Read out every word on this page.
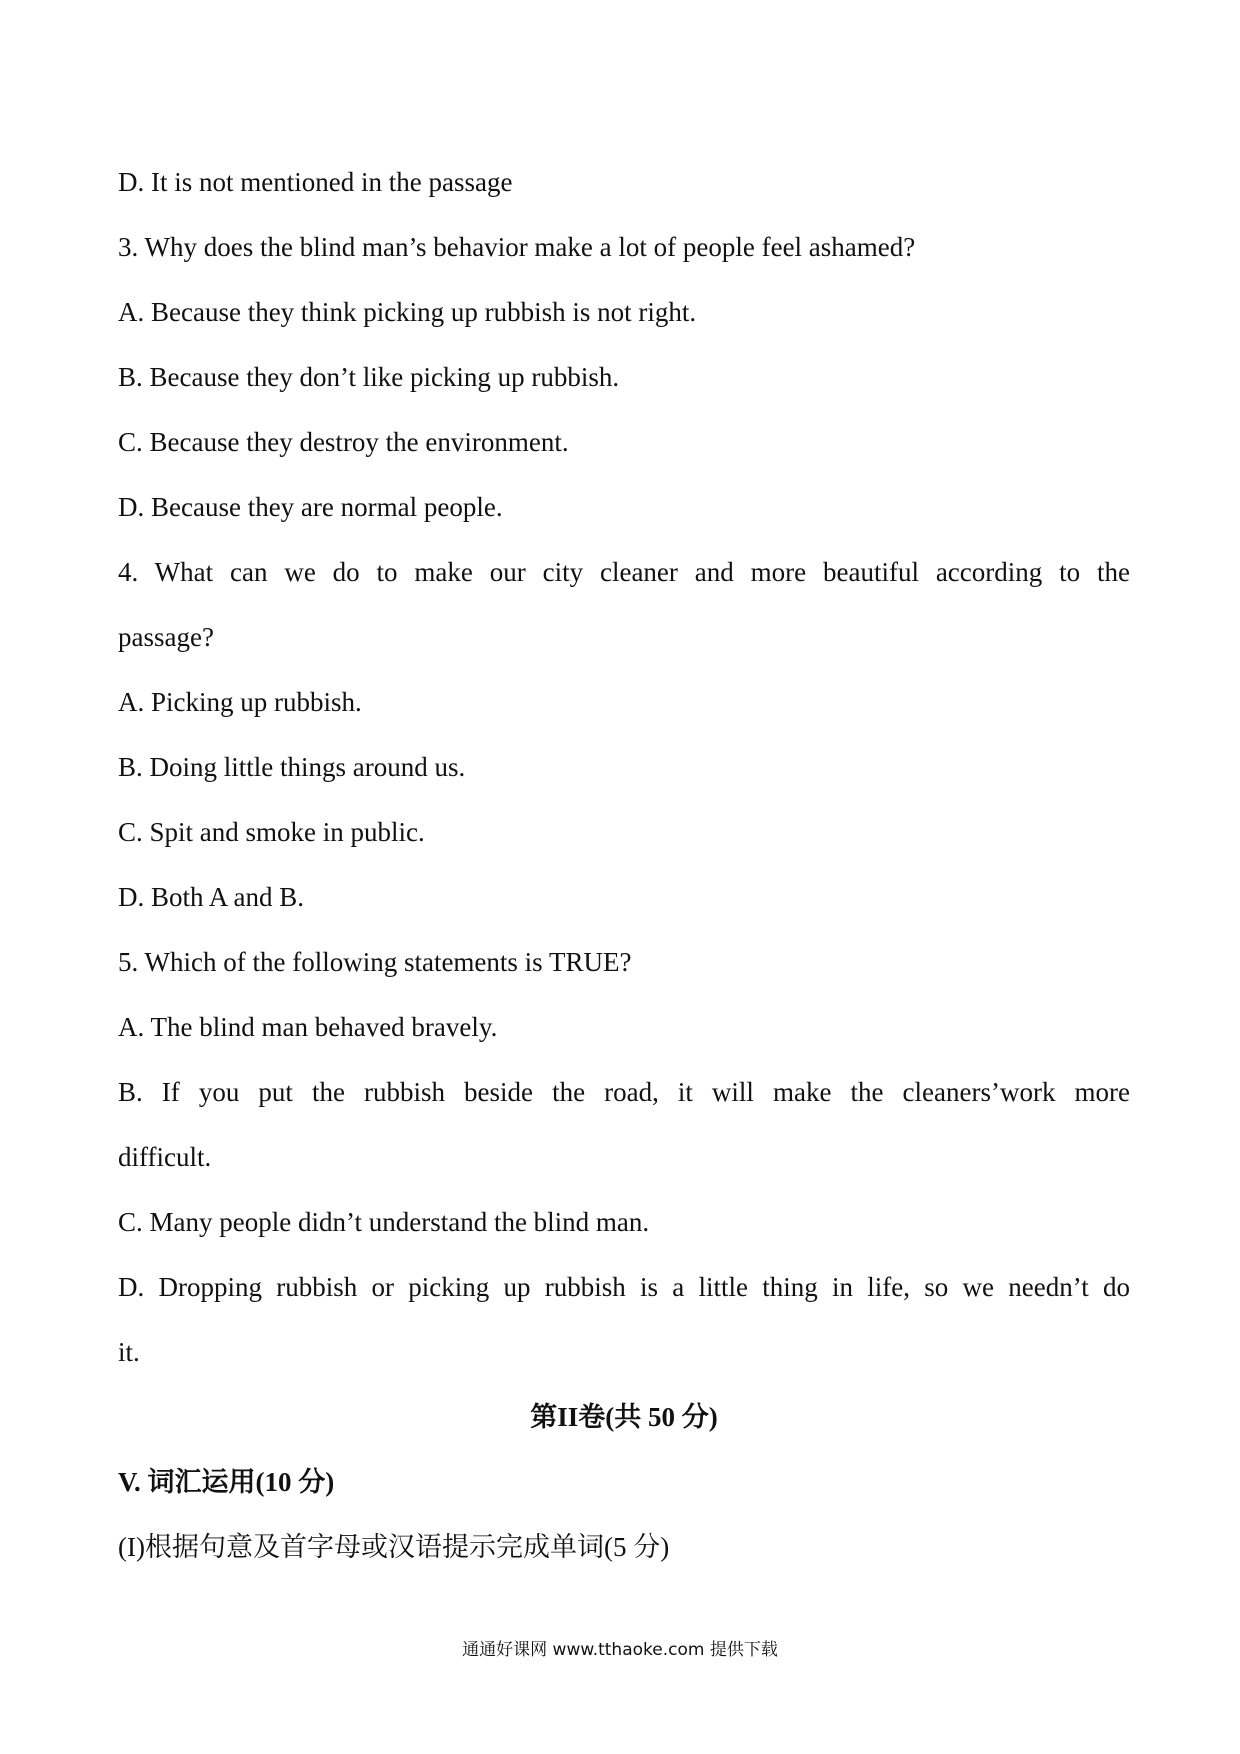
D. It is not mentioned in the passage
3. Why does the blind man’s behavior make a lot of people feel ashamed?
A. Because they think picking up rubbish is not right.
B. Because they don’t like picking up rubbish.
C. Because they destroy the environment.
D. Because they are normal people.
4. What can we do to make our city cleaner and more beautiful according to the
passage?
A. Picking up rubbish.
B. Doing little things around us.
C. Spit and smoke in public.
D. Both A and B.
5. Which of the following statements is TRUE?
A. The blind man behaved bravely.
B. If you put the rubbish beside the road, it will make the cleaners’work more
difficult.
C. Many people didn’t understand the blind man.
D. Dropping rubbish or picking up rubbish is a little thing in life, so we needn’t do
it.
第II卷(共 50 分)
V. 词汇运用(10 分)
(I)根据句意及首字母或汉语提示完成单词(5 分)
通通好课网 www.tthaoke.com 提供下载
